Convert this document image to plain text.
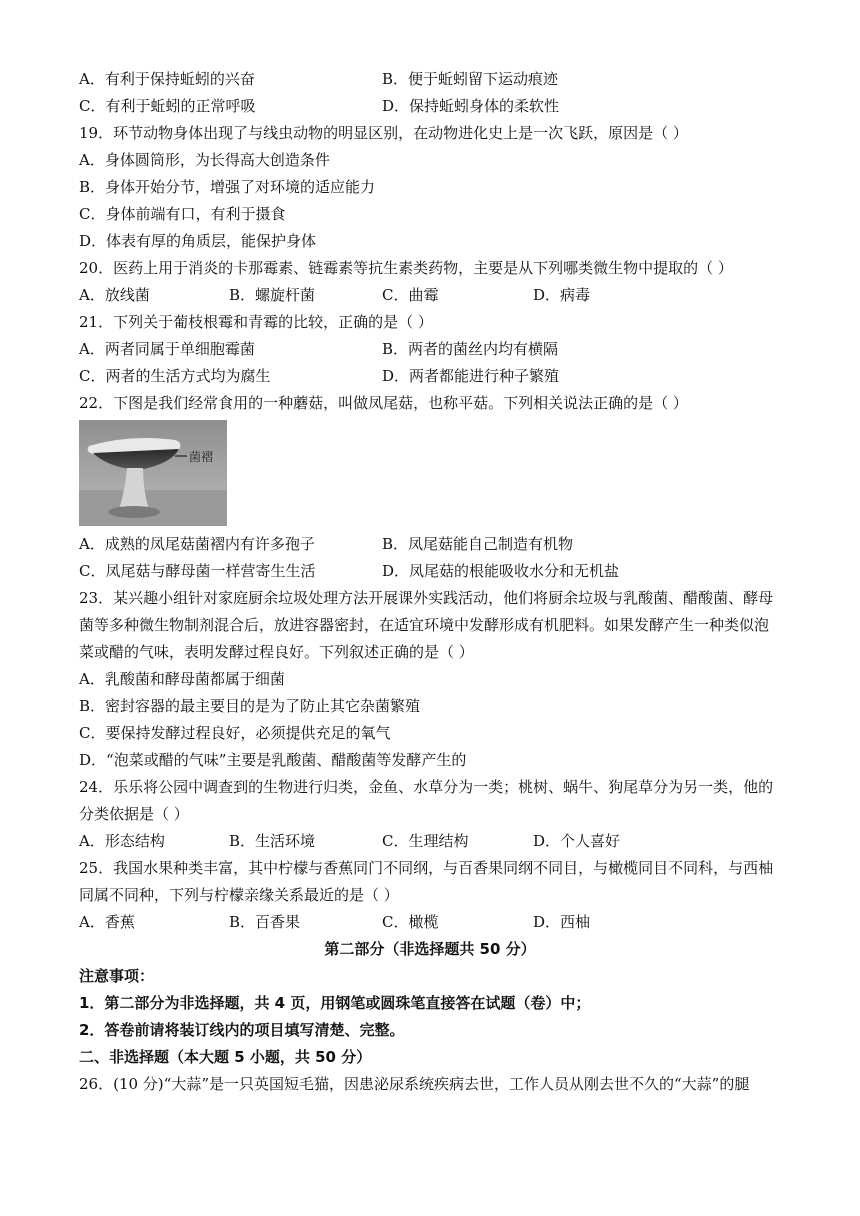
A．有利于保持蚯蚓的兴奋	B．便于蚯蚓留下运动痕迹
C．有利于蚯蚓的正常呼吸	D．保持蚯蚓身体的柔软性
19．环节动物身体出现了与线虫动物的明显区别，在动物进化史上是一次飞跃，原因是（ ）
A．身体圆筒形，为长得高大创造条件
B．身体开始分节，增强了对环境的适应能力
C．身体前端有口，有利于摄食
D．体表有厚的角质层，能保护身体
20．医药上用于消炎的卡那霉素、链霉素等抗生素类药物，主要是从下列哪类微生物中提取的（ ）
A．放线菌	B．螺旋杆菌	C．曲霉	D．病毒
21．下列关于葡枝根霉和青霉的比较，正确的是（ ）
A．两者同属于单细胞霉菌	B．两者的菌丝内均有横隔
C．两者的生活方式均为腐生	D．两者都能进行种子繁殖
22．下图是我们经常食用的一种蘑菇，叫做凤尾菇，也称平菇。下列相关说法正确的是（ ）
菌褶
A．成熟的凤尾菇菌褶内有许多孢子	B．凤尾菇能自己制造有机物
C．凤尾菇与酵母菌一样营寄生生活	D．凤尾菇的根能吸收水分和无机盐
23．某兴趣小组针对家庭厨余垃圾处理方法开展课外实践活动，他们将厨余垃圾与乳酸菌、醋酸菌、酵母
菌等多种微生物制剂混合后，放进容器密封，在适宜环境中发酵形成有机肥料。如果发酵产生一种类似泡
菜或醋的气味，表明发酵过程良好。下列叙述正确的是（ ）
A．乳酸菌和酵母菌都属于细菌
B．密封容器的最主要目的是为了防止其它杂菌繁殖
C．要保持发酵过程良好，必须提供充足的氧气
D．“泡菜或醋的气味”主要是乳酸菌、醋酸菌等发酵产生的
24．乐乐将公园中调查到的生物进行归类，金鱼、水草分为一类；桃树、蜗牛、狗尾草分为另一类，他的
分类依据是（ ）
A．形态结构	B．生活环境	C．生理结构	D．个人喜好
25．我国水果种类丰富，其中柠檬与香蕉同门不同纲，与百香果同纲不同目，与橄榄同目不同科，与西柚
同属不同种，下列与柠檬亲缘关系最近的是（ ）
A．香蕉	B．百香果	C．橄榄	D．西柚
第二部分（非选择题共 50 分）
注意事项：
1．第二部分为非选择题，共 4 页，用钢笔或圆珠笔直接答在试题（卷）中；
2．答卷前请将装订线内的项目填写清楚、完整。
二、非选择题（本大题 5 小题，共 50 分）
26．(10 分)“大蒜”是一只英国短毛猫，因患泌尿系统疾病去世，工作人员从刚去世不久的“大蒜”的腿
